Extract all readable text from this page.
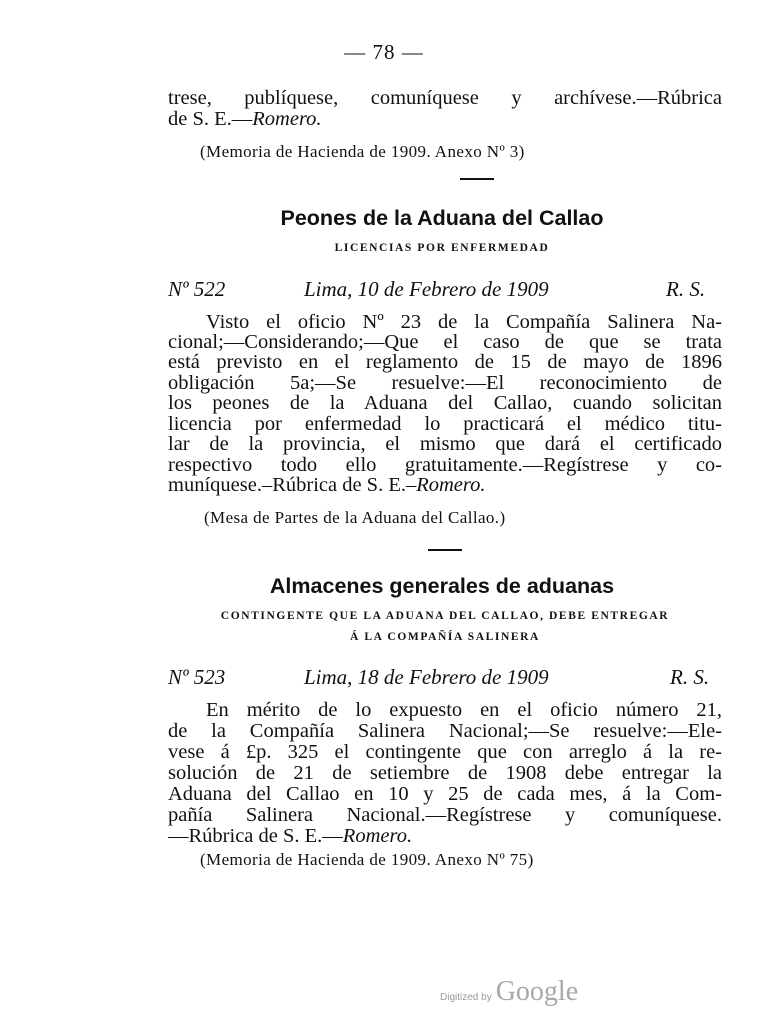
— 78 —
trese, publíquese, comuníquese y archívese.—Rúbrica
de S. E.—Romero.
(Memoria de Hacienda de 1909. Anexo Nº 3)
Peones de la Aduana del Callao
LICENCIAS POR ENFERMEDAD
Nº 522	Lima, 10 de Febrero de 1909	R. S.
Visto el oficio Nº 23 de la Compañía Salinera Na-
cional;—Considerando;—Que el caso de que se trata
está previsto en el reglamento de 15 de mayo de 1896
obligación 5a;—Se resuelve:—El reconocimiento de
los peones de la Aduana del Callao, cuando solicitan
licencia por enfermedad lo practicará el médico titu-
lar de la provincia, el mismo que dará el certificado
respectivo todo ello gratuitamente.—Regístrese y co-
muníquese.–Rúbrica de S. E.–Romero.
(Mesa de Partes de la Aduana del Callao.)
Almacenes generales de aduanas
CONTINGENTE QUE LA ADUANA DEL CALLAO, DEBE ENTREGAR
Á LA COMPAÑÍA SALINERA
Nº 523	Lima, 18 de Febrero de 1909	R. S.
En mérito de lo expuesto en el oficio número 21,
de la Compañía Salinera Nacional;—Se resuelve:—Ele-
vese á £p. 325 el contingente que con arreglo á la re-
solución de 21 de setiembre de 1908 debe entregar la
Aduana del Callao en 10 y 25 de cada mes, á la Com-
pañía Salinera Nacional.—Regístrese y comuníquese.
—Rúbrica de S. E.—Romero.
(Memoria de Hacienda de 1909. Anexo Nº 75)
Digitized by Google
